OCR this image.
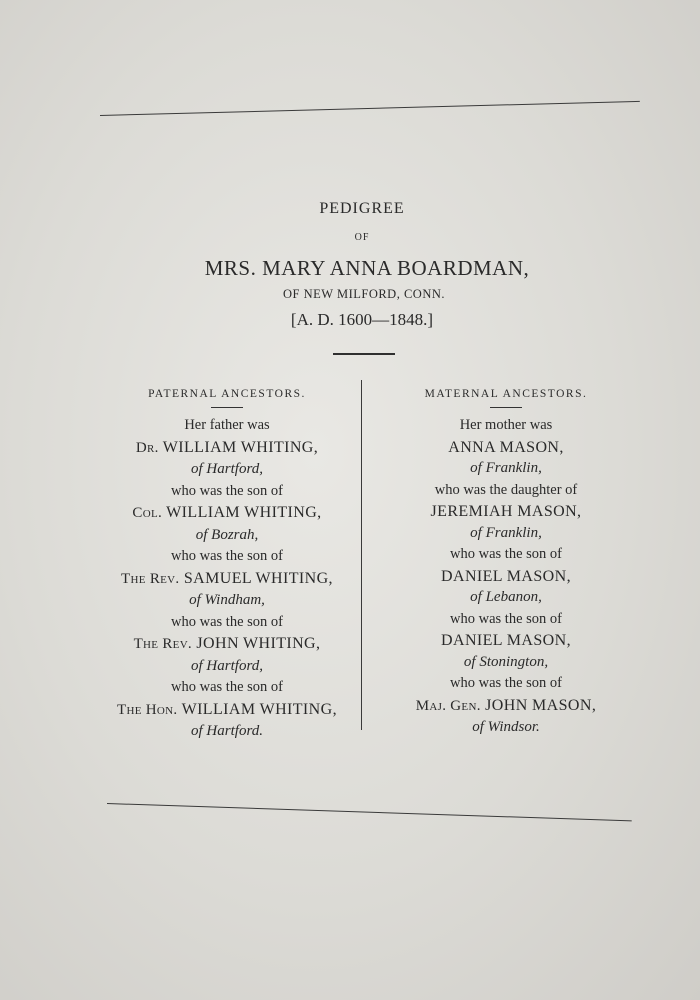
PEDIGREE
OF
MRS. MARY ANNA BOARDMAN,
OF NEW MILFORD, CONN.
[A. D. 1600—1848.]
PATERNAL ANCESTORS.
Her father was
Dr. WILLIAM WHITING,
of Hartford,
who was the son of
Col. WILLIAM WHITING,
of Bozrah,
who was the son of
The Rev. SAMUEL WHITING,
of Windham,
who was the son of
The Rev. JOHN WHITING,
of Hartford,
who was the son of
The Hon. WILLIAM WHITING,
of Hartford.
MATERNAL ANCESTORS.
Her mother was
ANNA MASON,
of Franklin,
who was the daughter of
JEREMIAH MASON,
of Franklin,
who was the son of
DANIEL MASON,
of Lebanon,
who was the son of
DANIEL MASON,
of Stonington,
who was the son of
Maj. Gen. JOHN MASON,
of Windsor.
